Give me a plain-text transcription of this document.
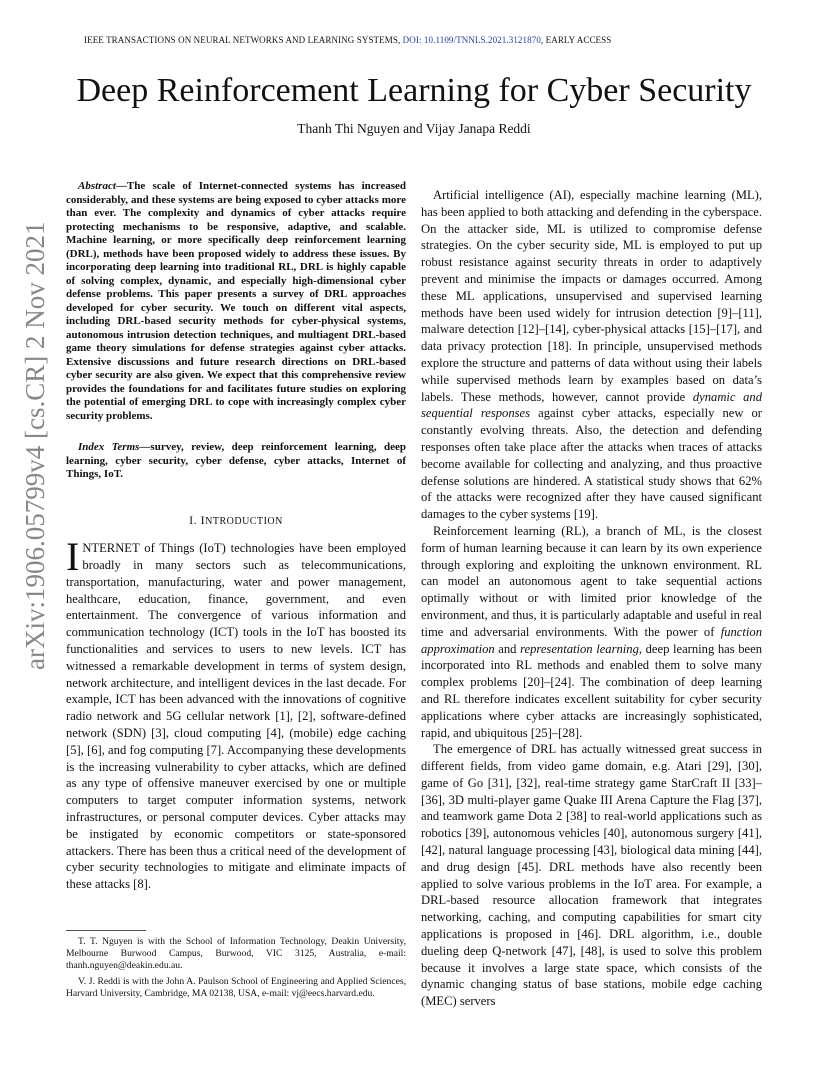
IEEE TRANSACTIONS ON NEURAL NETWORKS AND LEARNING SYSTEMS, DOI: 10.1109/TNNLS.2021.3121870, EARLY ACCESS
Deep Reinforcement Learning for Cyber Security
Thanh Thi Nguyen and Vijay Janapa Reddi
arXiv:1906.05799v4 [cs.CR] 2 Nov 2021

Abstract—The scale of Internet-connected systems has increased considerably, and these systems are being exposed to cyber attacks more than ever. The complexity and dynamics of cyber attacks require protecting mechanisms to be responsive, adaptive, and scalable. Machine learning, or more specifically deep reinforcement learning (DRL), methods have been proposed widely to address these issues. By incorporating deep learning into traditional RL, DRL is highly capable of solving complex, dynamic, and especially high-dimensional cyber defense problems. This paper presents a survey of DRL approaches developed for cyber security. We touch on different vital aspects, including DRL-based security methods for cyber-physical systems, autonomous intrusion detection techniques, and multiagent DRL-based game theory simulations for defense strategies against cyber attacks. Extensive discussions and future research directions on DRL-based cyber security are also given. We expect that this comprehensive review provides the foundations for and facilitates future studies on exploring the potential of emerging DRL to cope with increasingly complex cyber security problems.

Index Terms—survey, review, deep reinforcement learning, deep learning, cyber security, cyber defense, cyber attacks, Internet of Things, IoT.

I. INTRODUCTION

INTERNET of Things (IoT) technologies have been employed broadly in many sectors such as telecommunications, transportation, manufacturing, water and power management, healthcare, education, finance, government, and even entertainment. The convergence of various information and communication technology (ICT) tools in the IoT has boosted its functionalities and services to users to new levels. ICT has witnessed a remarkable development in terms of system design, network architecture, and intelligent devices in the last decade. For example, ICT has been advanced with the innovations of cognitive radio network and 5G cellular network [1], [2], software-defined network (SDN) [3], cloud computing [4], (mobile) edge caching [5], [6], and fog computing [7]. Accompanying these developments is the increasing vulnerability to cyber attacks, which are defined as any type of offensive maneuver exercised by one or multiple computers to target computer information systems, network infrastructures, or personal computer devices. Cyber attacks may be instigated by economic competitors or state-sponsored attackers. There has been thus a critical need of the development of cyber security technologies to mitigate and eliminate impacts of these attacks [8].

T. T. Nguyen is with the School of Information Technology, Deakin University, Melbourne Burwood Campus, Burwood, VIC 3125, Australia, e-mail: thanh.nguyen@deakin.edu.au.

V. J. Reddi is with the John A. Paulson School of Engineering and Applied Sciences, Harvard University, Cambridge, MA 02138, USA, e-mail: vj@eecs.harvard.edu.

Artificial intelligence (AI), especially machine learning (ML), has been applied to both attacking and defending in the cyberspace. On the attacker side, ML is utilized to compromise defense strategies. On the cyber security side, ML is employed to put up robust resistance against security threats in order to adaptively prevent and minimise the impacts or damages occurred. Among these ML applications, unsupervised and supervised learning methods have been used widely for intrusion detection [9]–[11], malware detection [12]–[14], cyber-physical attacks [15]–[17], and data privacy protection [18]. In principle, unsupervised methods explore the structure and patterns of data without using their labels while supervised methods learn by examples based on data’s labels. These methods, however, cannot provide dynamic and sequential responses against cyber attacks, especially new or constantly evolving threats. Also, the detection and defending responses often take place after the attacks when traces of attacks become available for collecting and analyzing, and thus proactive defense solutions are hindered. A statistical study shows that 62% of the attacks were recognized after they have caused significant damages to the cyber systems [19].

Reinforcement learning (RL), a branch of ML, is the closest form of human learning because it can learn by its own experience through exploring and exploiting the unknown environment. RL can model an autonomous agent to take sequential actions optimally without or with limited prior knowledge of the environment, and thus, it is particularly adaptable and useful in real time and adversarial environments. With the power of function approximation and representation learning, deep learning has been incorporated into RL methods and enabled them to solve many complex problems [20]–[24]. The combination of deep learning and RL therefore indicates excellent suitability for cyber security applications where cyber attacks are increasingly sophisticated, rapid, and ubiquitous [25]–[28].

The emergence of DRL has actually witnessed great success in different fields, from video game domain, e.g. Atari [29], [30], game of Go [31], [32], real-time strategy game StarCraft II [33]–[36], 3D multi-player game Quake III Arena Capture the Flag [37], and teamwork game Dota 2 [38] to real-world applications such as robotics [39], autonomous vehicles [40], autonomous surgery [41], [42], natural language processing [43], biological data mining [44], and drug design [45]. DRL methods have also recently been applied to solve various problems in the IoT area. For example, a DRL-based resource allocation framework that integrates networking, caching, and computing capabilities for smart city applications is proposed in [46]. DRL algorithm, i.e., double dueling deep Q-network [47], [48], is used to solve this problem because it involves a large state space, which consists of the dynamic changing status of base stations, mobile edge caching (MEC) servers
